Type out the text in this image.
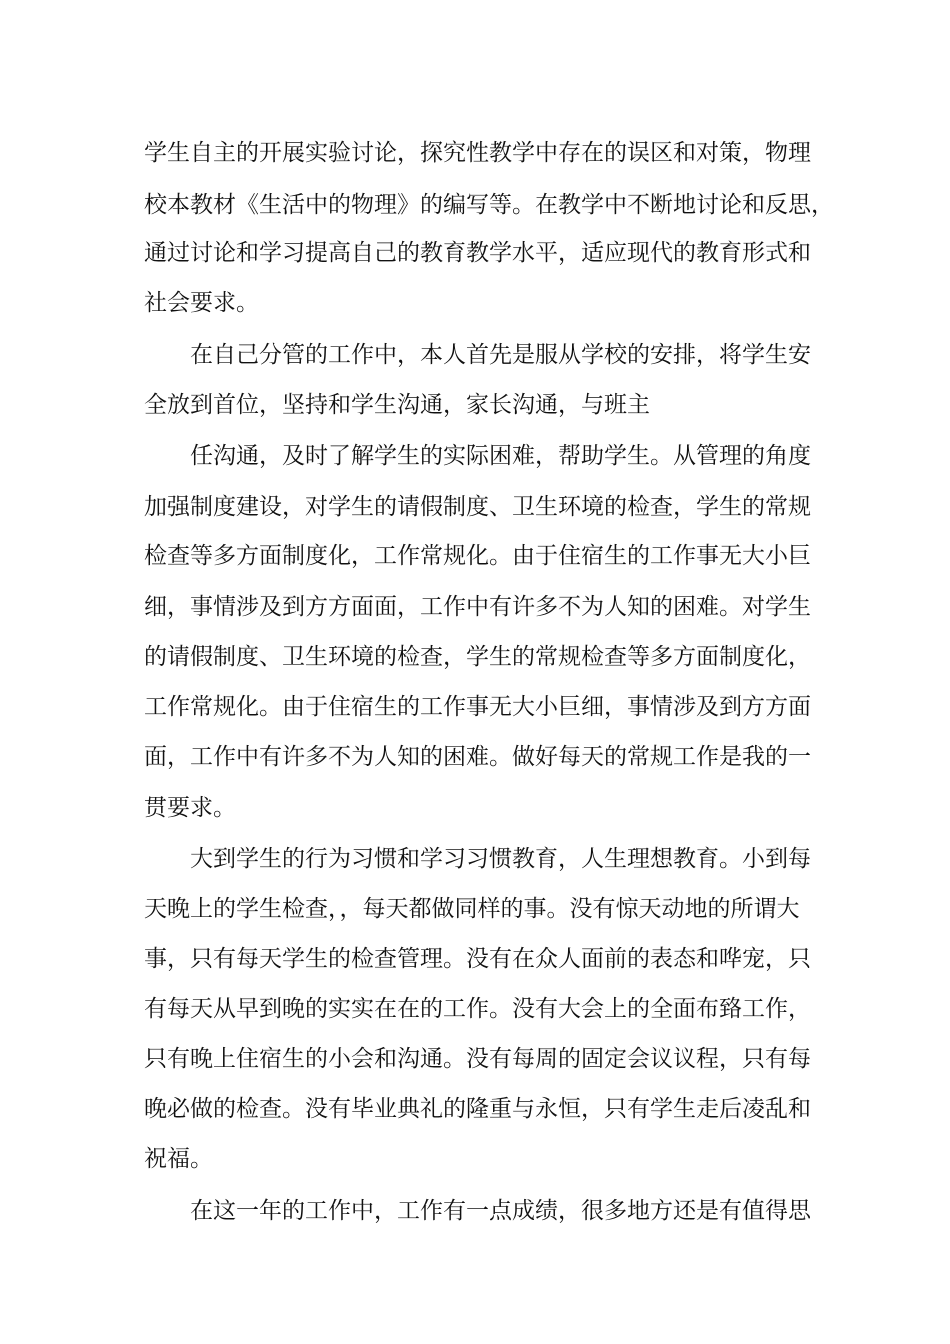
学生自主的开展实验讨论，探究性教学中存在的误区和对策，物理
校本教材《生活中的物理》的编写等。在教学中不断地讨论和反思，
通过讨论和学习提高自己的教育教学水平，适应现代的教育形式和
社会要求。
在自己分管的工作中，本人首先是服从学校的安排，将学生安
全放到首位，坚持和学生沟通，家长沟通，与班主
任沟通，及时了解学生的实际困难，帮助学生。从管理的角度
加强制度建设，对学生的请假制度、卫生环境的检查，学生的常规
检查等多方面制度化，工作常规化。由于住宿生的工作事无大小巨
细，事情涉及到方方面面，工作中有许多不为人知的困难。对学生
的请假制度、卫生环境的检查，学生的常规检查等多方面制度化，
工作常规化。由于住宿生的工作事无大小巨细，事情涉及到方方面
面，工作中有许多不为人知的困难。做好每天的常规工作是我的一
贯要求。
大到学生的行为习惯和学习习惯教育，人生理想教育。小到每
天晚上的学生检查，，每天都做同样的事。没有惊天动地的所谓大
事，只有每天学生的检查管理。没有在众人面前的表态和哗宠，只
有每天从早到晚的实实在在的工作。没有大会上的全面布臵工作，
只有晚上住宿生的小会和沟通。没有每周的固定会议议程，只有每
晚必做的检查。没有毕业典礼的隆重与永恒，只有学生走后凌乱和
祝福。
在这一年的工作中，工作有一点成绩，很多地方还是有值得思
